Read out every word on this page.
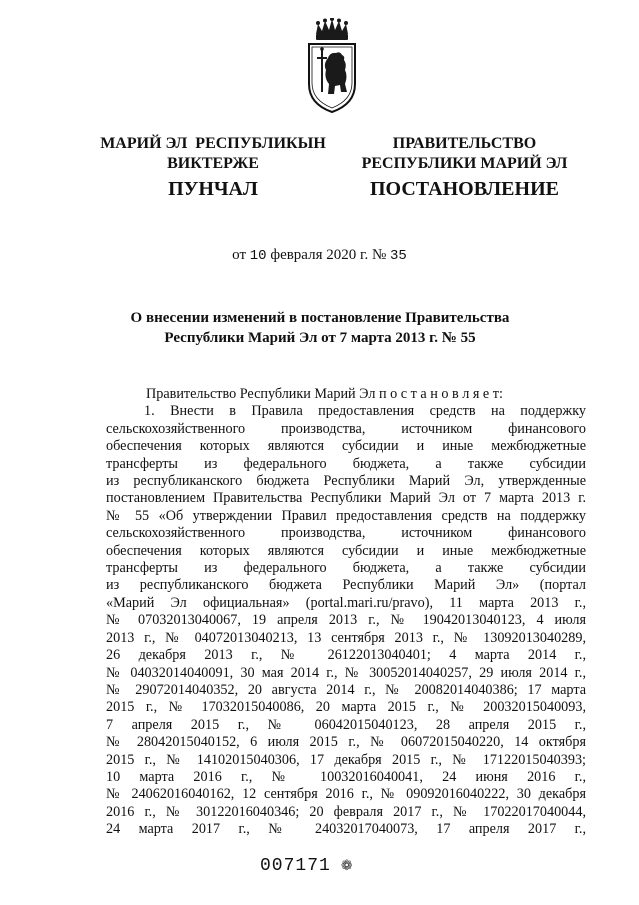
МАРИЙ ЭЛ  РЕСПУБЛИКЫН
ВИКТЕРЖЕ
ПРАВИТЕЛЬСТВО
РЕСПУБЛИКИ МАРИЙ ЭЛ
ПУНЧАЛ	ПОСТАНОВЛЕНИЕ
от 10 февраля 2020 г. № 35
О внесении изменений в постановление Правительства
Республики Марий Эл от 7 марта 2013 г. № 55

Правительство Республики Марий Эл п о с т а н о в л я е т:

1. Внести в Правила предоставления средств на поддержку

сельскохозяйственного производства, источником финансового

обеспечения которых являются субсидии и иные межбюджетные

трансферты из федерального бюджета, а также субсидии

из республиканского бюджета Республики Марий Эл, утвержденные

постановлением Правительства Республики Марий Эл от 7 марта 2013 г.

№ 55 «Об утверждении Правил предоставления средств на поддержку

сельскохозяйственного производства, источником финансового

обеспечения которых являются субсидии и иные межбюджетные

трансферты из федерального бюджета, а также субсидии

из республиканского бюджета Республики Марий Эл» (портал

«Марий Эл официальная» (portal.mari.ru/pravo), 11 марта 2013 г.,

№ 07032013040067, 19 апреля 2013 г., № 19042013040123, 4 июля

2013 г., № 04072013040213, 13 сентября 2013 г., № 13092013040289,

26 декабря 2013 г., № 26122013040401; 4 марта 2014 г.,

№ 04032014040091, 30 мая 2014 г., № 30052014040257, 29 июля 2014 г.,

№ 29072014040352, 20 августа 2014 г., № 20082014040386; 17 марта

2015 г., № 17032015040086, 20 марта 2015 г., № 20032015040093,

7 апреля 2015 г., № 06042015040123, 28 апреля 2015 г.,

№ 28042015040152, 6 июля 2015 г., № 06072015040220, 14 октября

2015 г., № 14102015040306, 17 декабря 2015 г., № 17122015040393;

10 марта 2016 г., № 10032016040041, 24 июня 2016 г.,

№ 24062016040162, 12 сентября 2016 г., № 09092016040222, 30 декабря

2016 г., № 30122016040346; 20 февраля 2017 г., № 17022017040044,

24 марта 2017 г., № 24032017040073, 17 апреля 2017 г.,

007171 ❁
